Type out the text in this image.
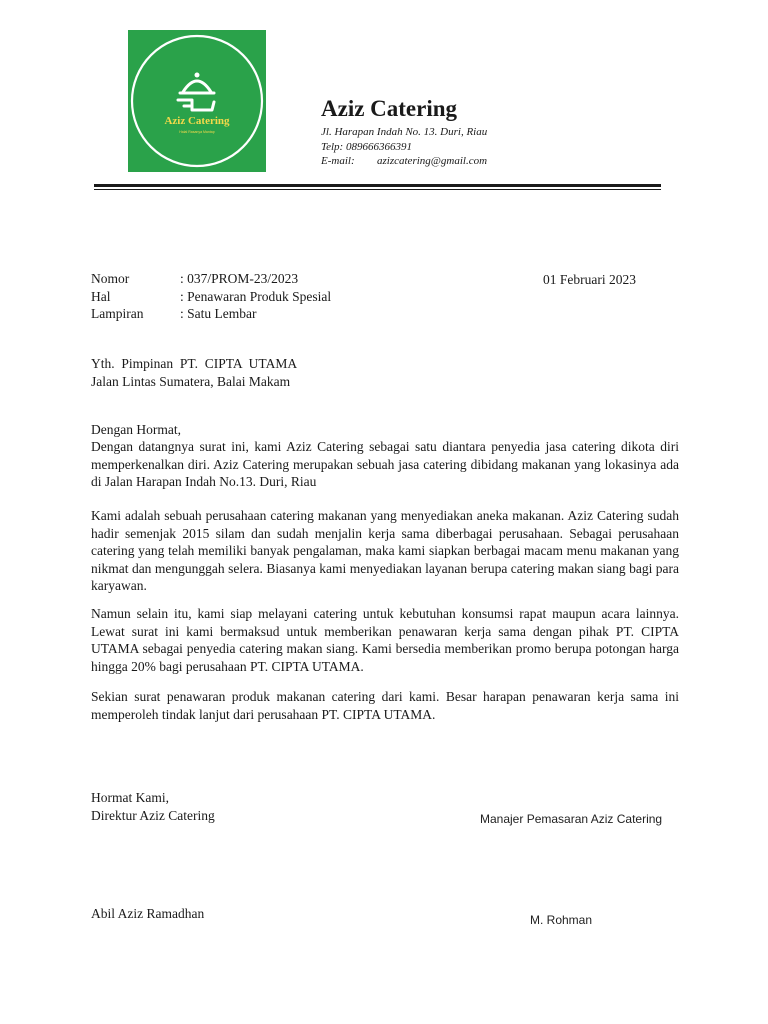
Aziz Catering
Halal Rasanya Mantap
Aziz Catering
Jl. Harapan Indah No. 13. Duri, Riau
Telp: 089666366391
E-mail: azizcatering@gmail.com
Nomor	: 037/PROM-23/2023
Hal	: Penawaran Produk Spesial
Lampiran	: Satu Lembar
01 Februari 2023
Yth.  Pimpinan  PT.  CIPTA  UTAMA
Jalan Lintas Sumatera, Balai Makam
Dengan Hormat,

Dengan datangnya surat ini, kami Aziz Catering sebagai satu diantara penyedia jasa catering dikota diri memperkenalkan diri. Aziz Catering merupakan sebuah jasa catering dibidang makanan yang lokasinya ada di Jalan Harapan Indah No.13. Duri, Riau

Kami adalah sebuah perusahaan catering makanan yang menyediakan aneka makanan. Aziz Catering sudah hadir semenjak 2015 silam dan sudah menjalin kerja sama diberbagai perusahaan. Sebagai perusahaan catering yang telah memiliki banyak pengalaman, maka kami siapkan berbagai macam menu makanan yang nikmat dan mengunggah selera. Biasanya kami menyediakan layanan berupa catering makan siang bagi para karyawan.

Namun selain itu, kami siap melayani catering untuk kebutuhan konsumsi rapat maupun acara lainnya. Lewat surat ini kami bermaksud untuk memberikan penawaran kerja sama dengan pihak PT. CIPTA UTAMA sebagai penyedia catering makan siang. Kami bersedia memberikan promo berupa potongan harga hingga 20% bagi perusahaan PT. CIPTA UTAMA.

Sekian surat penawaran produk makanan catering dari kami. Besar harapan penawaran kerja sama ini memperoleh tindak lanjut dari perusahaan PT. CIPTA UTAMA.

Hormat Kami,
Direktur Aziz Catering	Manajer Pemasaran Aziz Catering
Abil Aziz Ramadhan	M. Rohman
